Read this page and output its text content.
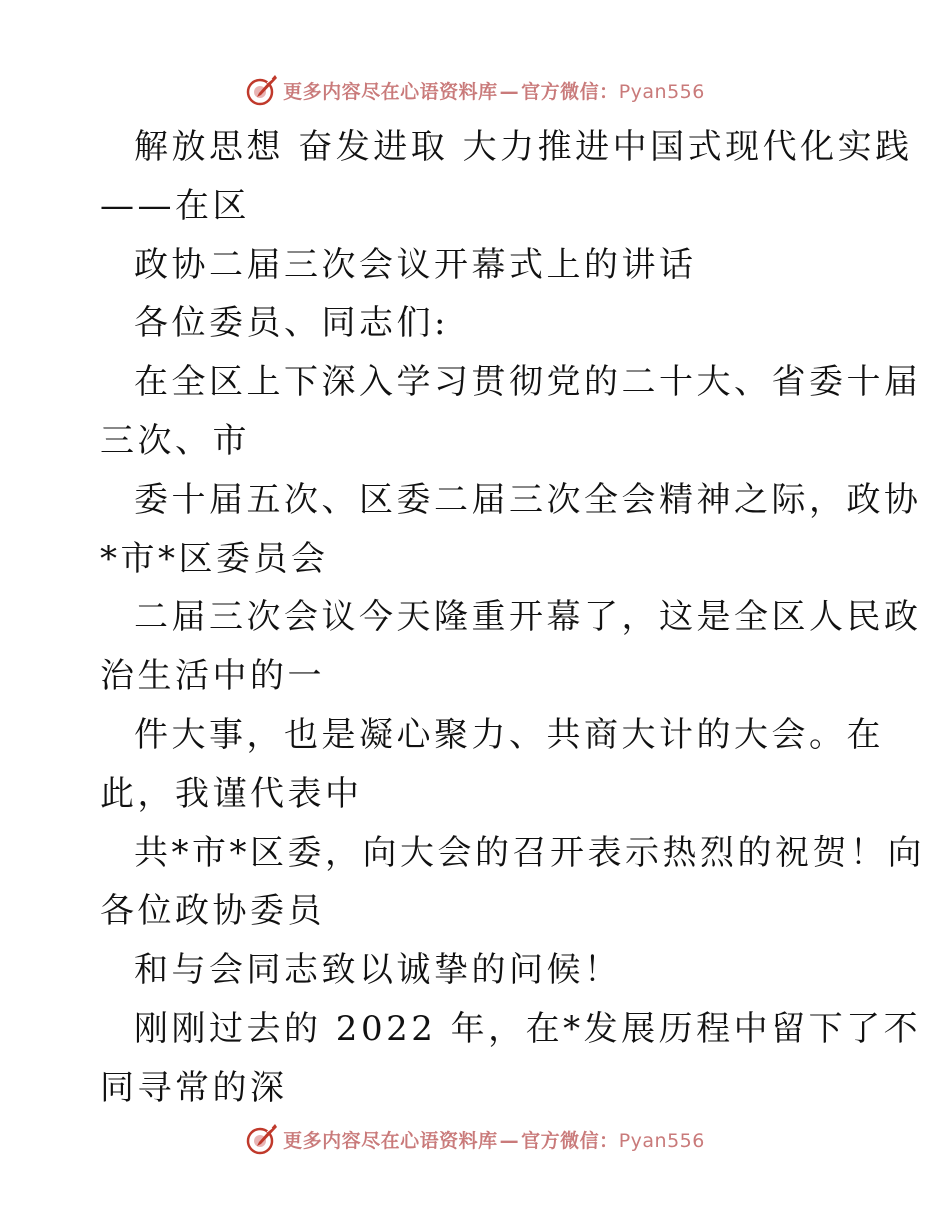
更多内容尽在心语资料库 — 官方微信：Pyan556
解放思想 奋发进取 大力推进中国式现代化实践
——在区
政协二届三次会议开幕式上的讲话
各位委员、同志们:
在全区上下深入学习贯彻党的二十大、省委十届
三次、市
委十届五次、区委二届三次全会精神之际，政协
*市*区委员会
二届三次会议今天隆重开幕了，这是全区人民政
治生活中的一
件大事，也是凝心聚力、共商大计的大会。在
此，我谨代表中
共*市*区委，向大会的召开表示热烈的祝贺！向
各位政协委员
和与会同志致以诚挚的问候！
刚刚过去的 2022 年，在*发展历程中留下了不
同寻常的深
更多内容尽在心语资料库 — 官方微信：Pyan556
